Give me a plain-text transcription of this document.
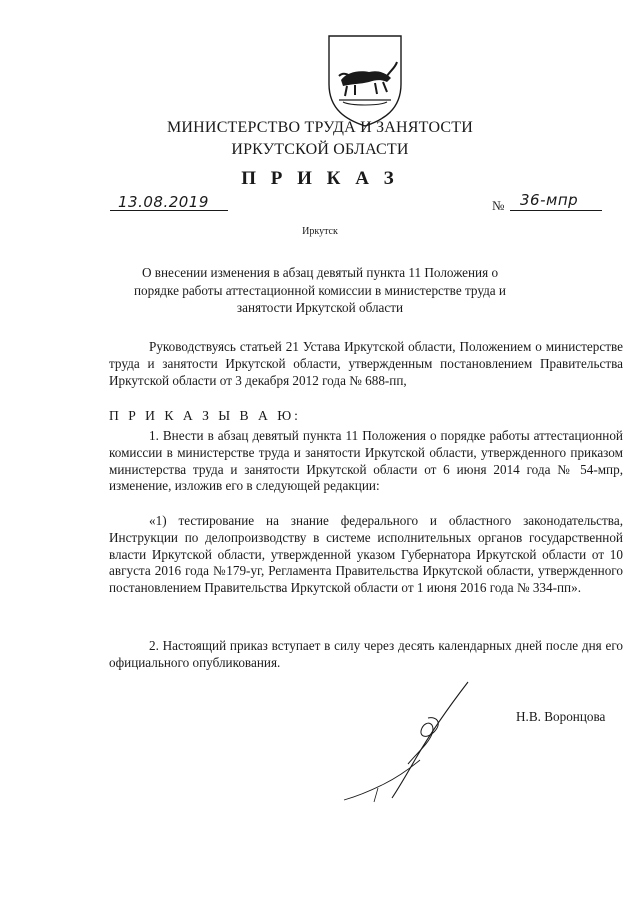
МИНИСТЕРСТВО ТРУДА И ЗАНЯТОСТИ
ИРКУТСКОЙ ОБЛАСТИ
П Р И К А З
13.08.2019	№ 36-мпр
Иркутск
О внесении изменения в абзац девятый пункта 11 Положения о порядке работы аттестационной комиссии в министерстве труда и занятости Иркутской области
Руководствуясь статьей 21 Устава Иркутской области, Положением о министерстве труда и занятости Иркутской области, утвержденным постановлением Правительства Иркутской области от 3 декабря 2012 года № 688-пп,
П Р И К А З Ы В А Ю:
1. Внести в абзац девятый пункта 11 Положения о порядке работы аттестационной комиссии в министерстве труда и занятости Иркутской области, утвержденного приказом министерства труда и занятости Иркутской области от 6 июня 2014 года № 54-мпр, изменение, изложив его в следующей редакции:
«1) тестирование на знание федерального и областного законодательства, Инструкции по делопроизводству в системе исполнительных органов государственной власти Иркутской области, утвержденной указом Губернатора Иркутской области от 10 августа 2016 года №179-уг, Регламента Правительства Иркутской области, утвержденного постановлением Правительства Иркутской области от 1 июня 2016 года № 334-пп».
2. Настоящий приказ вступает в силу через десять календарных дней после дня его официального опубликования.
Н.В. Воронцова
